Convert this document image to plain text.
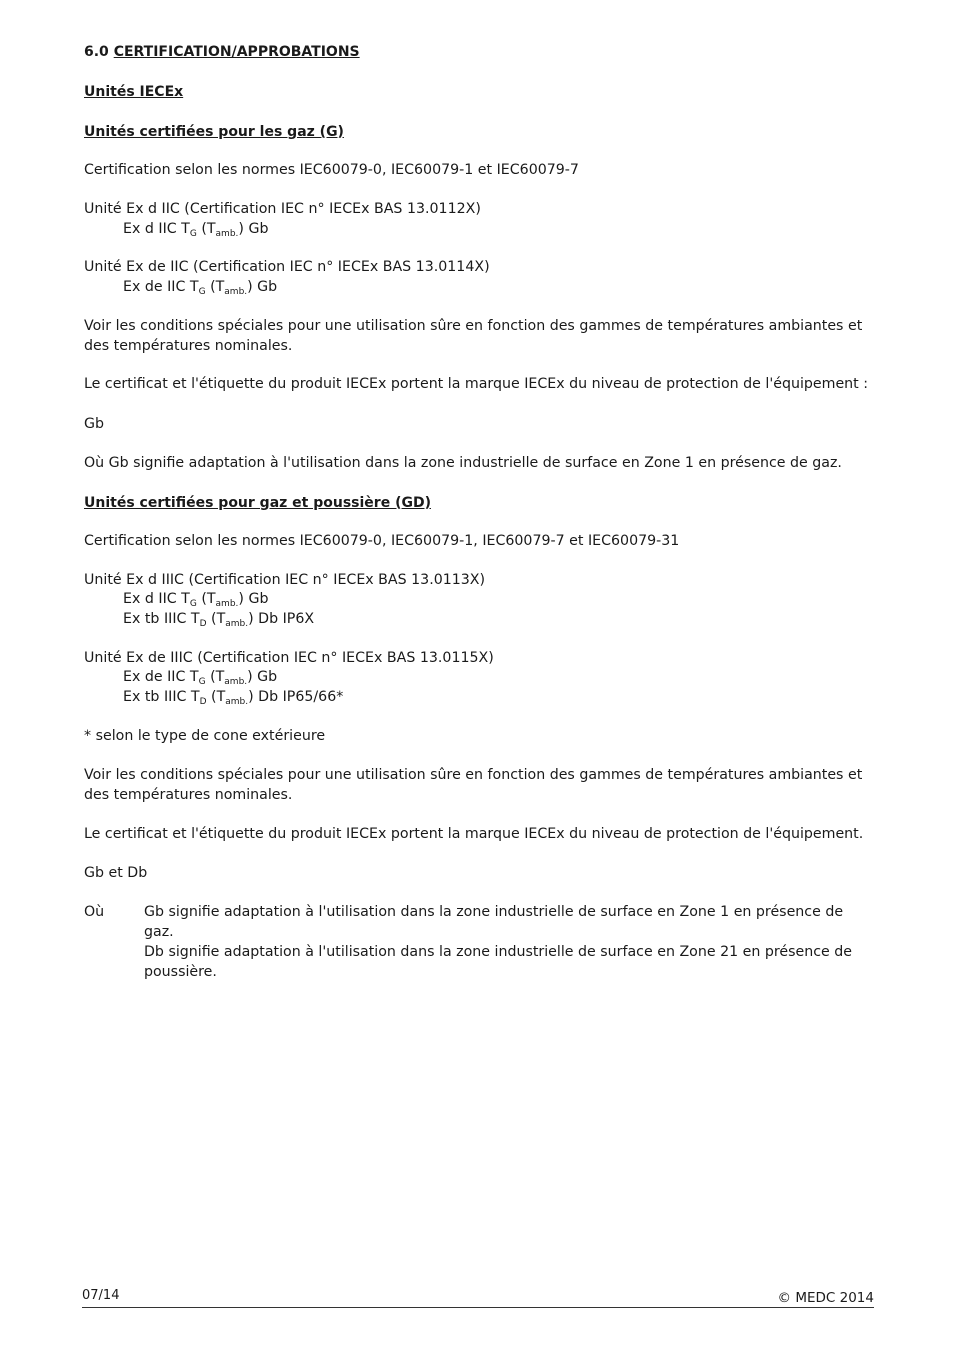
6.0 CERTIFICATION/APPROBATIONS
Unités IECEx
Unités certifiées pour les gaz (G)
Certification selon les normes IEC60079-0, IEC60079-1 et IEC60079-7
Unité Ex d IIC (Certification IEC n° IECEx BAS 13.0112X)
Ex d IIC $T_G$ $(T_{amb.})$ Gb
Unité Ex de IIC (Certification IEC n° IECEx BAS 13.0114X)
Ex de IIC $T_G$ $(T_{amb.})$ Gb
Voir les conditions spéciales pour une utilisation sûre en fonction des gammes de températures ambiantes et des températures nominales.
Le certificat et l'étiquette du produit IECEx portent la marque IECEx du niveau de protection de l'équipement :
Gb
Où Gb signifie adaptation à l'utilisation dans la zone industrielle de surface en Zone 1 en présence de gaz.
Unités certifiées pour gaz et poussière (GD)
Certification selon les normes IEC60079-0, IEC60079-1, IEC60079-7 et IEC60079-31
Unité Ex d IIIC (Certification IEC n° IECEx BAS 13.0113X)
Ex d IIC $T_G$ $(T_{amb.})$ Gb
Ex tb IIIC $T_D$ $(T_{amb.})$ Db IP6X
Unité Ex de IIIC (Certification IEC n° IECEx BAS 13.0115X)
Ex de IIC $T_G$ $(T_{amb.})$ Gb
Ex tb IIIC $T_D$ $(T_{amb.})$ Db IP65/66*
* selon le type de cone extérieure
Voir les conditions spéciales pour une utilisation sûre en fonction des gammes de températures ambiantes et des températures nominales.
Le certificat et l'étiquette du produit IECEx portent la marque IECEx du niveau de protection de l'équipement.
Gb et Db
Où	Gb signifie adaptation à l'utilisation dans la zone industrielle de surface en Zone 1 en présence de gaz.
Db signifie adaptation à l'utilisation dans la zone industrielle de surface en Zone 21 en présence de poussière.
07/14	© MEDC 2014
